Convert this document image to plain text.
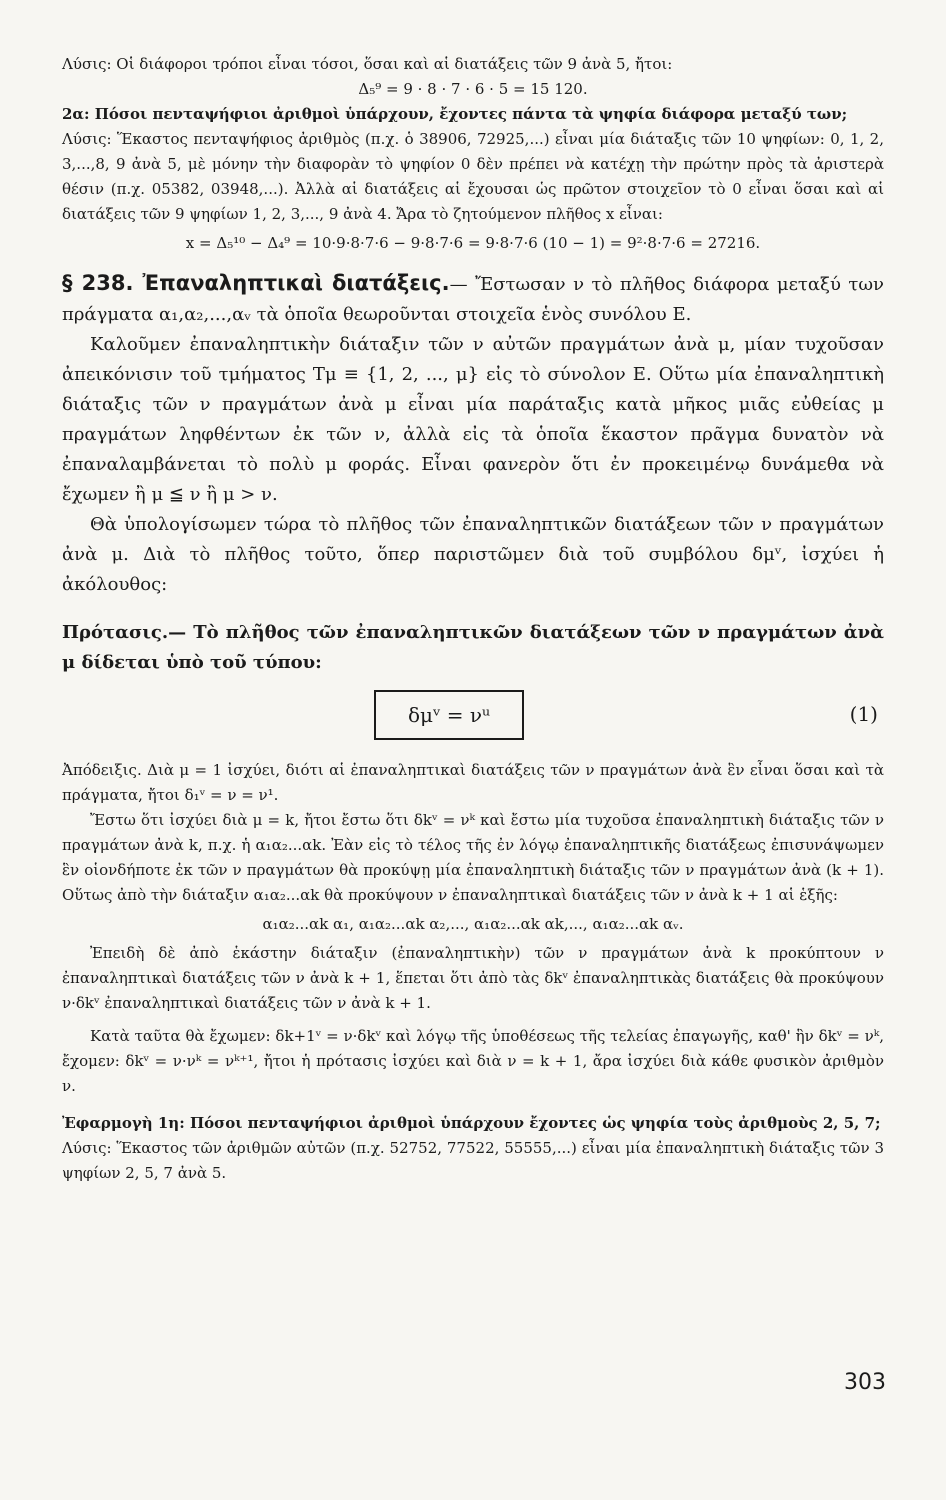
Λύσις: Οἱ διάφοροι τρόποι εἶναι τόσοι, ὅσαι καὶ αἱ διατάξεις τῶν 9 ἀνὰ 5, ἤτοι:

Δ₅⁹ = 9 · 8 · 7 · 6 · 5 = 15 120.

2α: Πόσοι πενταψήφιοι ἀριθμοὶ ὑπάρχουν, ἔχοντες πάντα τὰ ψηφία διάφορα μεταξύ των;

Λύσις: Ἕκαστος πενταψήφιος ἀριθμὸς (π.χ. ὁ 38906, 72925,...) εἶναι μία διάταξις τῶν 10 ψηφίων: 0, 1, 2, 3,...,8, 9 ἀνὰ 5, μὲ μόνην τὴν διαφορὰν τὸ ψηφίον 0 δὲν πρέπει νὰ κατέχῃ τὴν πρώτην πρὸς τὰ ἀριστερὰ θέσιν (π.χ. 05382, 03948,...). Ἀλλὰ αἱ διατάξεις αἱ ἔχουσαι ὡς πρῶτον στοιχεῖον τὸ 0 εἶναι ὅσαι καὶ αἱ διατάξεις τῶν 9 ψηφίων 1, 2, 3,..., 9 ἀνὰ 4. Ἄρα τὸ ζητούμενον πλῆθος x εἶναι:

x = Δ₅¹⁰ − Δ₄⁹ = 10·9·8·7·6 − 9·8·7·6 = 9·8·7·6 (10 − 1) = 9²·8·7·6 = 27216.

§ 238. Ἐπαναληπτικαὶ διατάξεις.— Ἔστωσαν ν τὸ πλῆθος διάφορα μεταξύ των πράγματα α₁,α₂,...,αᵥ τὰ ὁποῖα θεωροῦνται στοιχεῖα ἑνὸς συνόλου Ε.

Καλοῦμεν ἐπαναληπτικὴν διάταξιν τῶν ν αὐτῶν πραγμάτων ἀνὰ μ, μίαν τυχοῦσαν ἀπεικόνισιν τοῦ τμήματος Tμ ≡ {1, 2, ..., μ} εἰς τὸ σύνολον Ε. Οὕτω μία ἐπαναληπτικὴ διάταξις τῶν ν πραγμάτων ἀνὰ μ εἶναι μία παράταξις κατὰ μῆκος μιᾶς εὐθείας μ πραγμάτων ληφθέντων ἐκ τῶν ν, ἀλλὰ εἰς τὰ ὁποῖα ἕκαστον πρᾶγμα δυνατὸν νὰ ἐπαναλαμβάνεται τὸ πολὺ μ φοράς. Εἶναι φανερὸν ὅτι ἐν προκειμένῳ δυνάμεθα νὰ ἔχωμεν ἢ μ ≦ ν ἢ μ > ν.

Θὰ ὑπολογίσωμεν τώρα τὸ πλῆθος τῶν ἐπαναληπτικῶν διατάξεων τῶν ν πραγμάτων ἀνὰ μ. Διὰ τὸ πλῆθος τοῦτο, ὅπερ παριστῶμεν διὰ τοῦ συμβόλου δμᵛ, ἰσχύει ἡ ἀκόλουθος:

Πρότασις.— Τὸ πλῆθος τῶν ἐπαναληπτικῶν διατάξεων τῶν ν πραγμάτων ἀνὰ μ δίδεται ὑπὸ τοῦ τύπου:

δμᵛ = νᵘ	(1)

Ἀπόδειξις. Διὰ μ = 1 ἰσχύει, διότι αἱ ἐπαναληπτικαὶ διατάξεις τῶν ν πραγμάτων ἀνὰ ἓν εἶναι ὅσαι καὶ τὰ πράγματα, ἤτοι δ₁ᵛ = ν = ν¹.

Ἔστω ὅτι ἰσχύει διὰ μ = k, ἤτοι ἔστω ὅτι δkᵛ = νᵏ καὶ ἔστω μία τυχοῦσα ἐπαναληπτικὴ διάταξις τῶν ν πραγμάτων ἀνὰ k, π.χ. ἡ α₁α₂...αk. Ἐὰν εἰς τὸ τέλος τῆς ἐν λόγῳ ἐπαναληπτικῆς διατάξεως ἐπισυνάψωμεν ἓν οἱονδήποτε ἐκ τῶν ν πραγμάτων θὰ προκύψῃ μία ἐπαναληπτικὴ διάταξις τῶν ν πραγμάτων ἀνὰ (k + 1). Οὕτως ἀπὸ τὴν διάταξιν α₁α₂...αk θὰ προκύψουν ν ἐπαναληπτικαὶ διατάξεις τῶν ν ἀνὰ k + 1 αἱ ἑξῆς:

α₁α₂...αk α₁, α₁α₂...αk α₂,..., α₁α₂...αk αk,..., α₁α₂...αk αᵥ.

Ἐπειδὴ δὲ ἀπὸ ἑκάστην διάταξιν (ἐπαναληπτικὴν) τῶν ν πραγμάτων ἀνὰ k προκύπτουν ν ἐπαναληπτικαὶ διατάξεις τῶν ν ἀνὰ k + 1, ἕπεται ὅτι ἀπὸ τὰς δkᵛ ἐπαναληπτικὰς διατάξεις θὰ προκύψουν ν·δkᵛ ἐπαναληπτικαὶ διατάξεις τῶν ν ἀνὰ k + 1.

Κατὰ ταῦτα θὰ ἔχωμεν: δk+1ᵛ = ν·δkᵛ καὶ λόγῳ τῆς ὑποθέσεως τῆς τελείας ἐπαγωγῆς, καθ' ἣν δkᵛ = νᵏ, ἔχομεν: δkᵛ = ν·νᵏ = νᵏ⁺¹, ἤτοι ἡ πρότασις ἰσχύει καὶ διὰ ν = k + 1, ἄρα ἰσχύει διὰ κάθε φυσικὸν ἀριθμὸν ν.

Ἐφαρμογὴ 1η: Πόσοι πενταψήφιοι ἀριθμοὶ ὑπάρχουν ἔχοντες ὡς ψηφία τοὺς ἀριθμοὺς 2, 5, 7;

Λύσις: Ἕκαστος τῶν ἀριθμῶν αὐτῶν (π.χ. 52752, 77522, 55555,...) εἶναι μία ἐπαναληπτικὴ διάταξις τῶν 3 ψηφίων 2, 5, 7 ἀνὰ 5.

303
